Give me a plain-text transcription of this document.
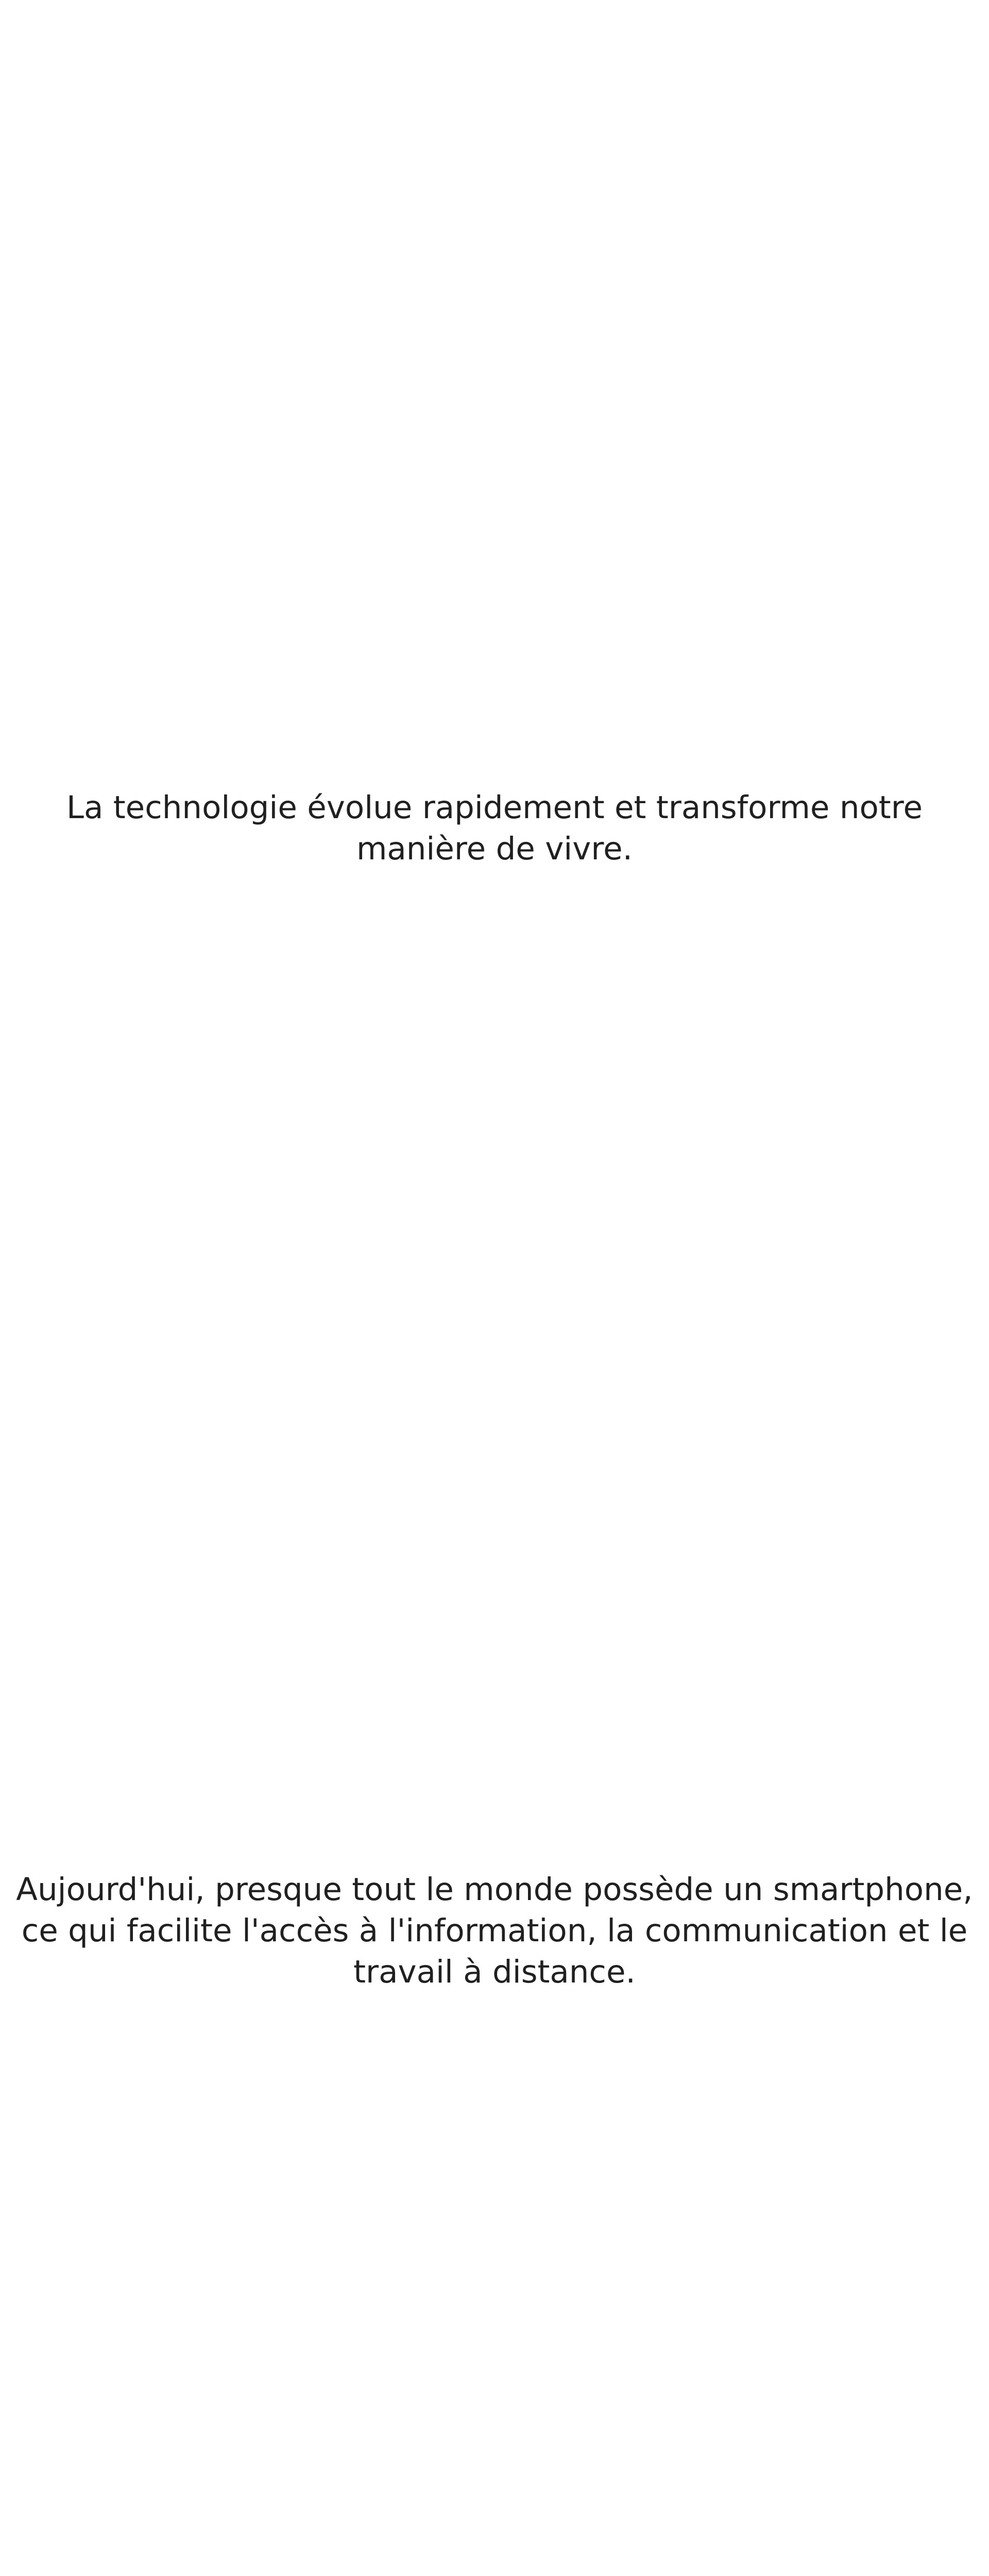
La technologie évolue rapidement et transforme notre
manière de vivre.

Aujourd'hui, presque tout le monde possède un smartphone,
ce qui facilite l'accès à l'information, la communication et le
travail à distance.
